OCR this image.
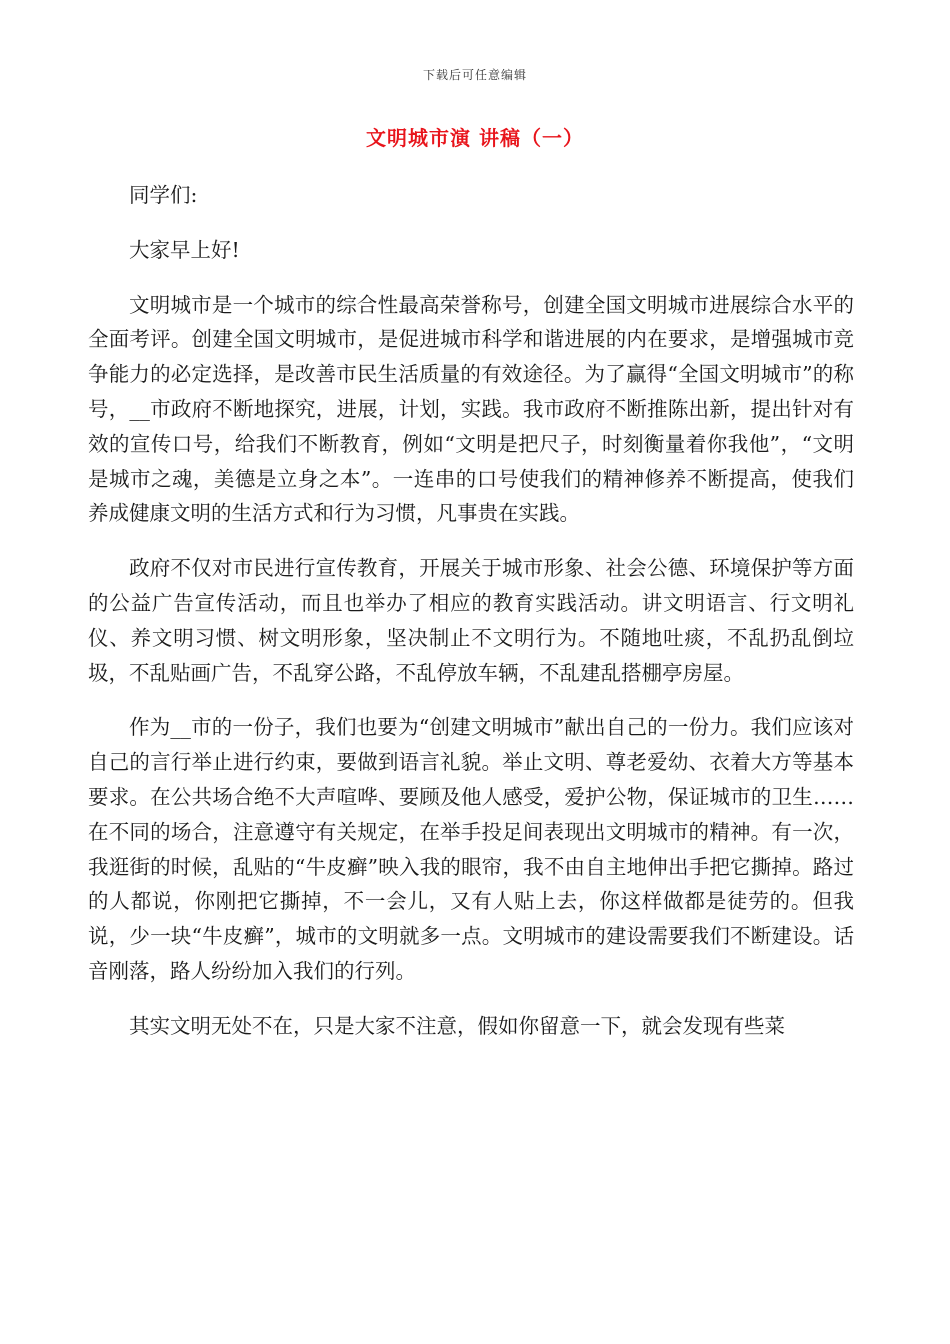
下载后可任意编辑
文明城市演 讲稿（一）

同学们:

大家早上好!

文明城市是一个城市的综合性最高荣誉称号，创建全国文明城市进展综合水平的全面考评。创建全国文明城市，是促进城市科学和谐进展的内在要求，是增强城市竞争能力的必定选择，是改善市民生活质量的有效途径。为了赢得“全国文明城市”的称号，__市政府不断地探究，进展，计划，实践。我市政府不断推陈出新，提出针对有效的宣传口号，给我们不断教育，例如“文明是把尺子，时刻衡量着你我他”，“文明是城市之魂，美德是立身之本”。一连串的口号使我们的精神修养不断提高，使我们养成健康文明的生活方式和行为习惯，凡事贵在实践。

政府不仅对市民进行宣传教育，开展关于城市形象、社会公德、环境保护等方面的公益广告宣传活动，而且也举办了相应的教育实践活动。讲文明语言、行文明礼仪、养文明习惯、树文明形象，坚决制止不文明行为。不随地吐痰，不乱扔乱倒垃圾，不乱贴画广告，不乱穿公路，不乱停放车辆，不乱建乱搭棚亭房屋。

作为__市的一份子，我们也要为“创建文明城市”献出自己的一份力。我们应该对自己的言行举止进行约束，要做到语言礼貌。举止文明、尊老爱幼、衣着大方等基本要求。在公共场合绝不大声喧哗、要顾及他人感受，爱护公物，保证城市的卫生……在不同的场合，注意遵守有关规定，在举手投足间表现出文明城市的精神。有一次，我逛街的时候，乱贴的“牛皮癣”映入我的眼帘，我不由自主地伸出手把它撕掉。路过的人都说，你刚把它撕掉，不一会儿，又有人贴上去，你这样做都是徒劳的。但我说，少一块“牛皮癣”，城市的文明就多一点。文明城市的建设需要我们不断建设。话音刚落，路人纷纷加入我们的行列。

其实文明无处不在，只是大家不注意，假如你留意一下，就会发现有些菜
